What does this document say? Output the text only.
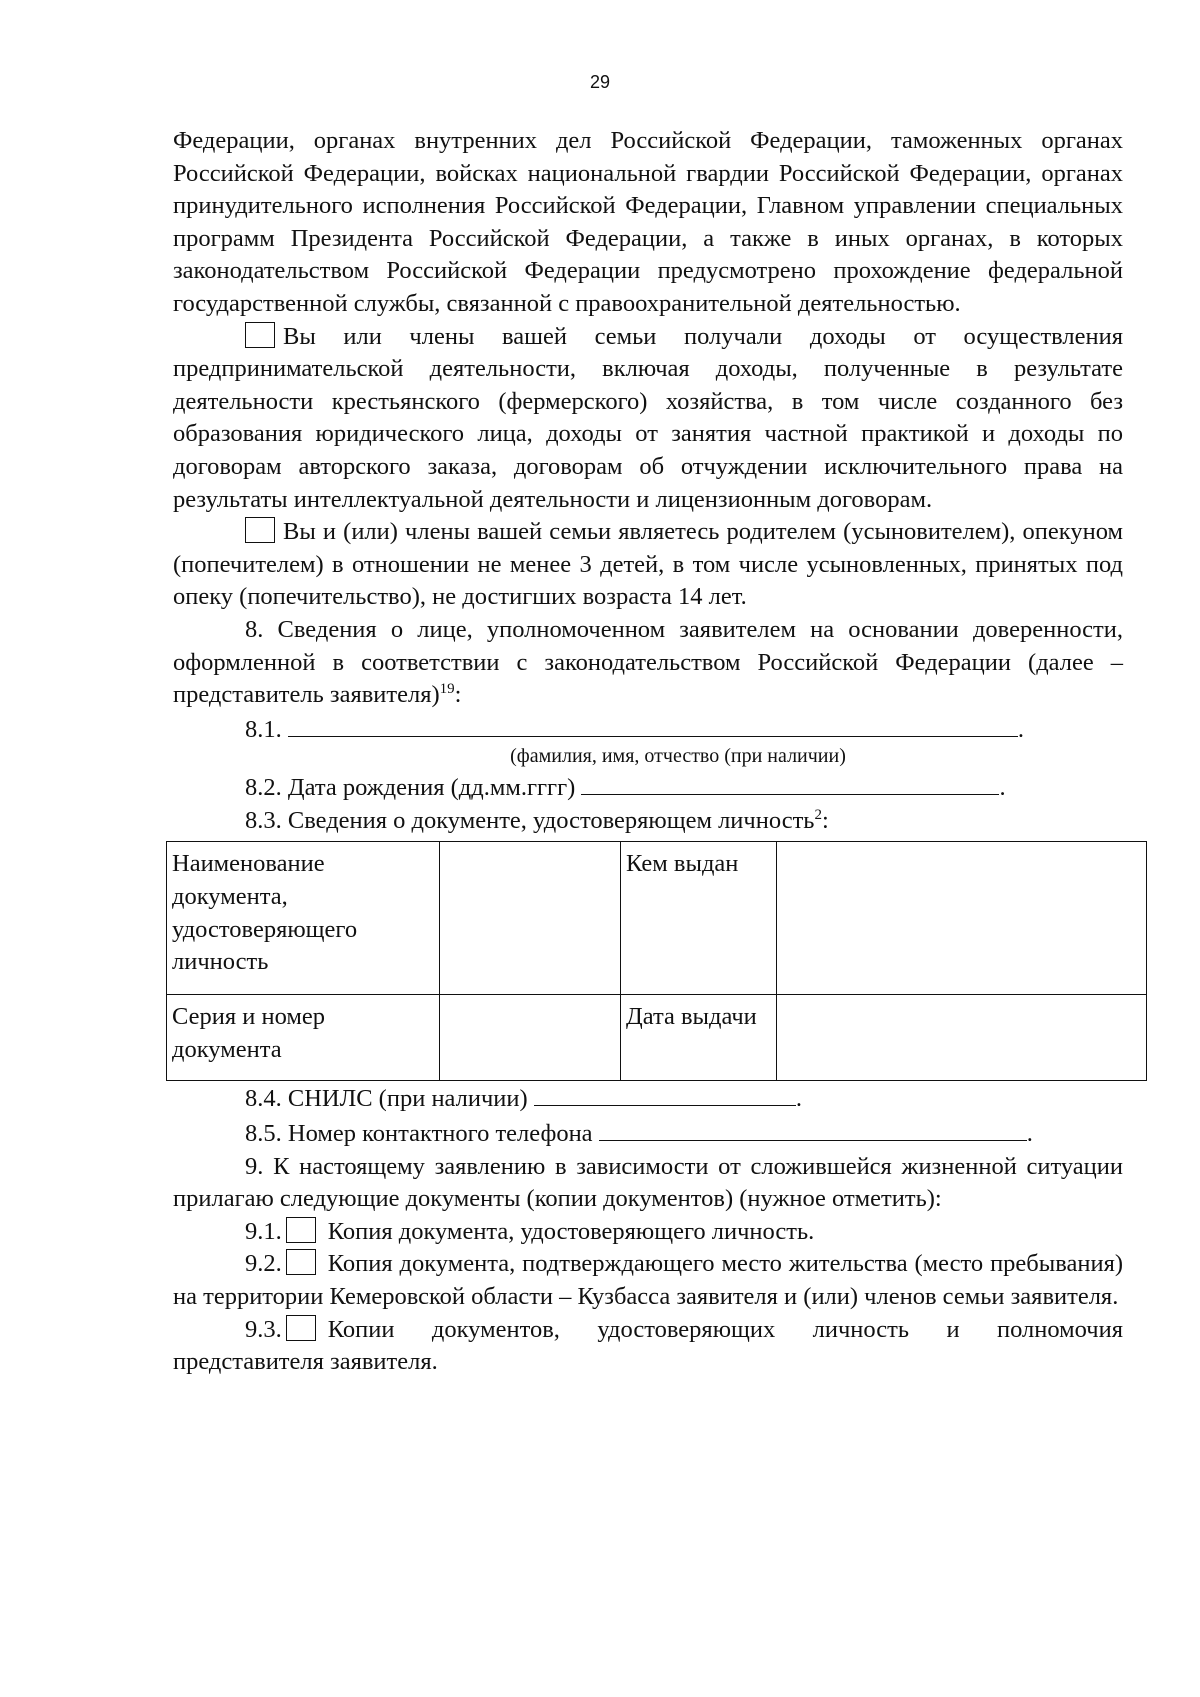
29

Федерации, органах внутренних дел Российской Федерации, таможенных органах Российской Федерации, войсках национальной гвардии Российской Федерации, органах принудительного исполнения Российской Федерации, Главном управлении специальных программ Президента Российской Федерации, а также в иных органах, в которых законодательством Российской Федерации предусмотрено прохождение федеральной государственной службы, связанной с правоохранительной деятельностью.

Вы или члены вашей семьи получали доходы от осуществления предпринимательской деятельности, включая доходы, полученные в результате деятельности крестьянского (фермерского) хозяйства, в том числе созданного без образования юридического лица, доходы от занятия частной практикой и доходы по договорам авторского заказа, договорам об отчуждении исключительного права на результаты интеллектуальной деятельности и лицензионным договорам.

Вы и (или) члены вашей семьи являетесь родителем (усыновителем), опекуном (попечителем) в отношении не менее 3 детей, в том числе усыновленных, принятых под опеку (попечительство), не достигших возраста 14 лет.

8. Сведения о лице, уполномоченном заявителем на основании доверенности, оформленной в соответствии с законодательством Российской Федерации (далее – представитель заявителя)$^{19}$:

8.1.	.

(фамилия, имя, отчество (при наличии)

8.2. Дата рождения (дд.мм.гггг)	.

8.3. Сведения о документе, удостоверяющем личность$^2$:

Наименование документа, удостоверяющего личность		Кем выдан	
Серия и номер документа		Дата выдачи	

8.4. СНИЛС (при наличии)	.

8.5. Номер контактного телефона	.

9. К настоящему заявлению в зависимости от сложившейся жизненной ситуации прилагаю следующие документы (копии документов) (нужное отметить):

9.1. Копия документа, удостоверяющего личность.

9.2. Копия документа, подтверждающего место жительства (место пребывания) на территории Кемеровской области – Кузбасса заявителя и (или) членов семьи заявителя.

9.3. Копии документов, удостоверяющих личность и полномочия представителя заявителя.
